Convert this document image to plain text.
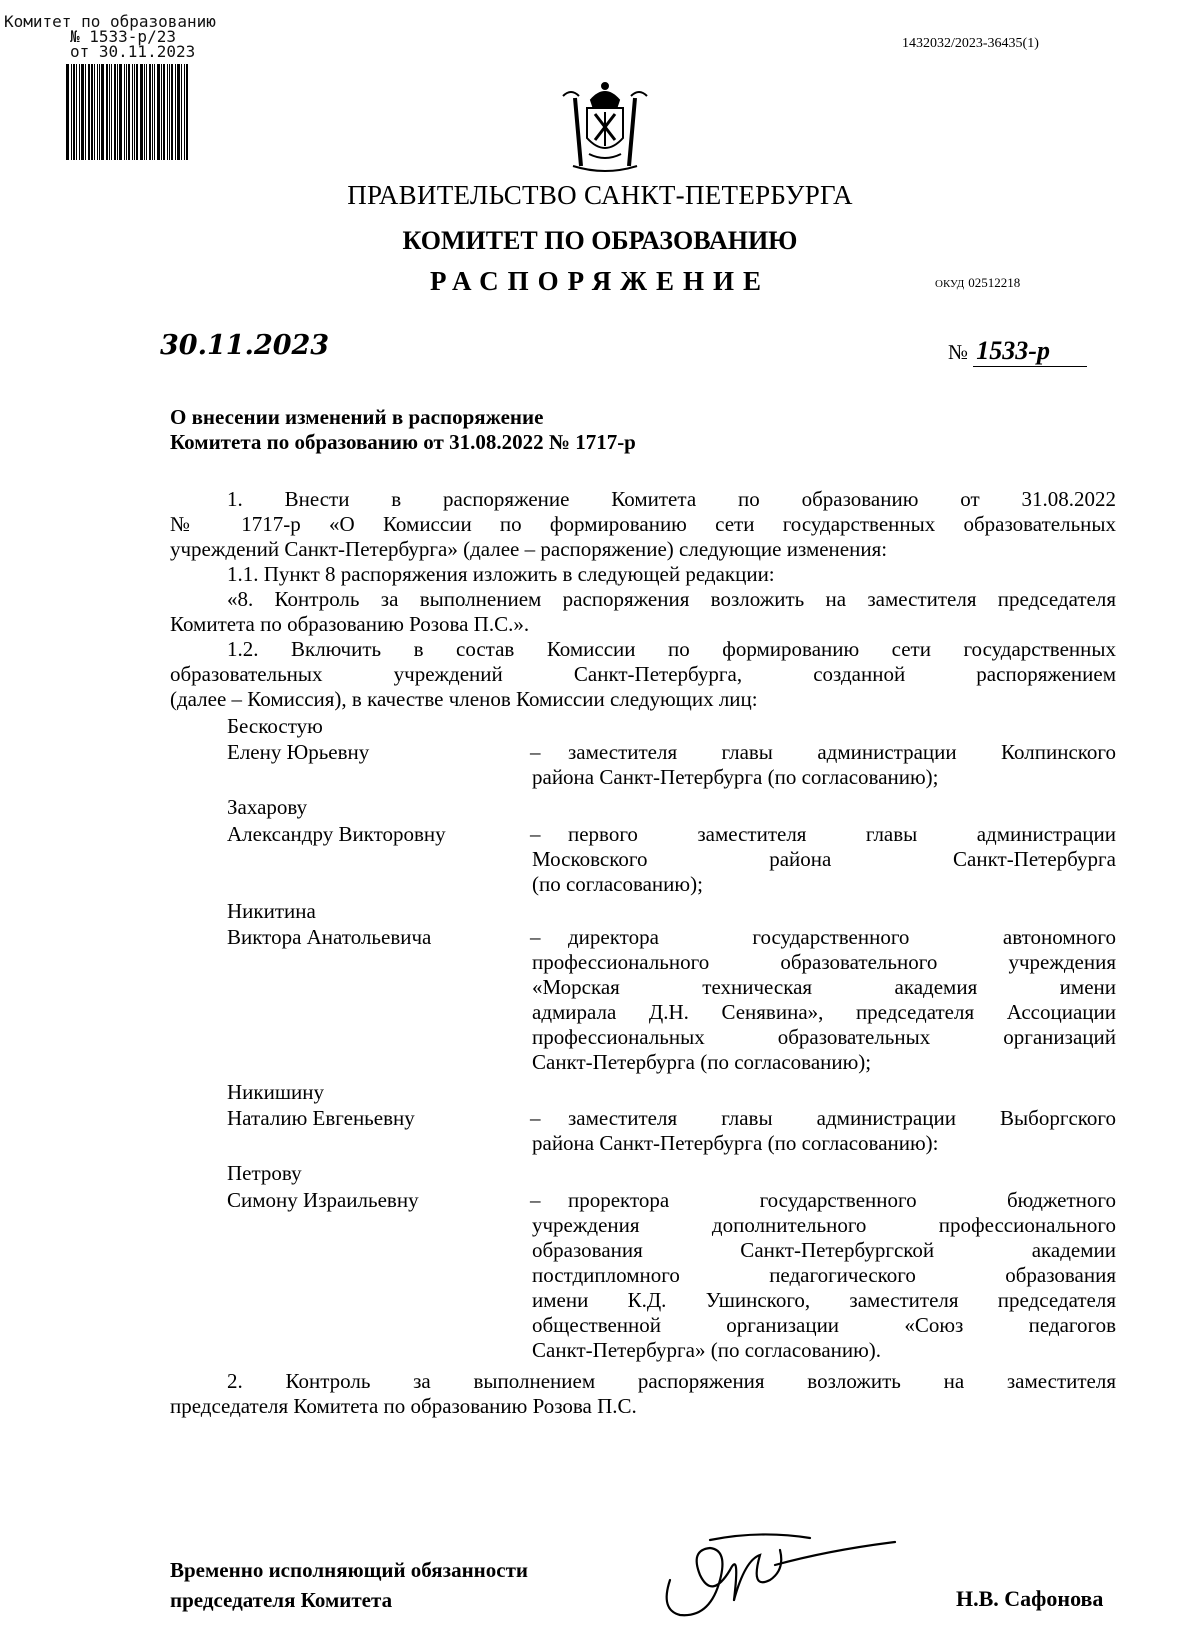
Комитет по образованию
№ 1533-р/23
от 30.11.2023	1432032/2023-36435(1)
ПРАВИТЕЛЬСТВО САНКТ-ПЕТЕРБУРГА
КОМИТЕТ ПО ОБРАЗОВАНИЮ
РАСПОРЯЖЕНИЕ	ОКУД 02512218
30.11.2023	№ 1533-р
О внесении изменений в распоряжение
Комитета по образованию от 31.08.2022 № 1717-р
1. Внести в распоряжение Комитета по образованию от 31.08.2022
№ 1717-р «О Комиссии по формированию сети государственных образовательных
учреждений Санкт-Петербурга» (далее – распоряжение) следующие изменения:
1.1. Пункт 8 распоряжения изложить в следующей редакции:
«8. Контроль за выполнением распоряжения возложить на заместителя председателя
Комитета по образованию Розова П.С.».
1.2. Включить в состав Комиссии по формированию сети государственных
образовательных учреждений Санкт-Петербурга, созданной распоряжением
(далее – Комиссия), в качестве членов Комиссии следующих лиц:
Бескостую
Елену Юрьевну	–	заместителя главы администрации Колпинского
района Санкт-Петербурга (по согласованию);
Захарову
Александру Викторовну	–	первого заместителя главы администрации
Московского района Санкт-Петербурга
(по согласованию);
Никитина
Виктора Анатольевича	–	директора государственного автономного
профессионального образовательного учреждения
«Морская техническая академия имени
адмирала Д.Н. Сенявина», председателя Ассоциации
профессиональных образовательных организаций
Санкт-Петербурга (по согласованию);
Никишину
Наталию Евгеньевну	–	заместителя главы администрации Выборгского
района Санкт-Петербурга (по согласованию):
Петрову
Симону Израильевну	–	проректора государственного бюджетного
учреждения дополнительного профессионального
образования Санкт-Петербургской академии
постдипломного педагогического образования
имени К.Д. Ушинского, заместителя председателя
общественной организации «Союз педагогов
Санкт-Петербурга» (по согласованию).
2. Контроль за выполнением распоряжения возложить на заместителя
председателя Комитета по образованию Розова П.С.
Временно исполняющий обязанности
председателя Комитета	Н.В. Сафонова
